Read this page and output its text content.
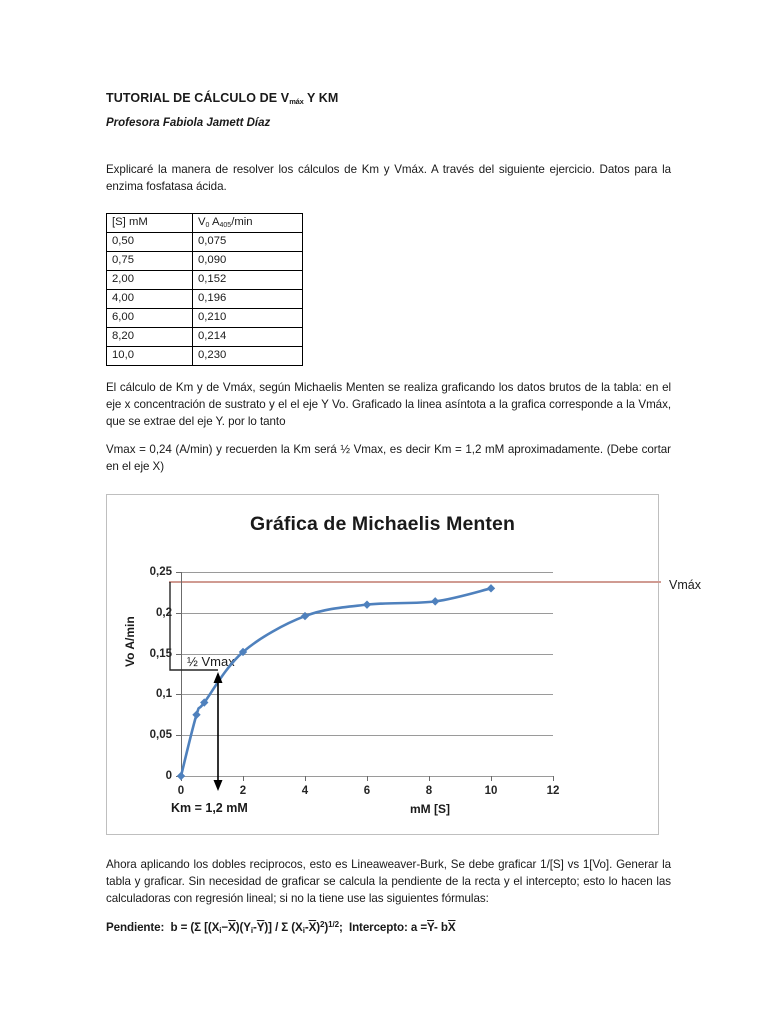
TUTORIAL DE CÁLCULO DE $V_{máx}$ Y KM
Profesora Fabiola Jamett Díaz

Explicaré la manera de resolver los cálculos de Km y Vmáx. A través del siguiente ejercicio. Datos para la enzima fosfatasa ácida.

[S] mM	$V_0$ $A_{405}/\min$
0,50	0,075
0,75	0,090
2,00	0,152
4,00	0,196
6,00	0,210
8,20	0,214
10,0	0,230

El cálculo de Km y de Vmáx, según Michaelis Menten se realiza graficando los datos brutos de la tabla: en el eje x concentración de sustrato y el el eje Y Vo. Graficado la linea asíntota a la grafica corresponde a la Vmáx, que se extrae del eje Y. por lo tanto

Vmax = 0,24 (A/min) y recuerden la Km será ½ Vmax, es decir Km = 1,2 mM aproximadamente. (Debe cortar en el eje X)

Gráfica de Michaelis Menten
Vo A/min
mM [S]
Km = 1,2 mM
½ Vmax
Vmáx
0,25
0,2
0,15
0,1
0,05
0
0	2	4	6	8	10	12

Ahora aplicando los dobles reciprocos, esto es Lineaweaver-Burk, Se debe graficar 1/[S] vs 1[Vo]. Generar la tabla y graficar. Sin necesidad de graficar se calcula la pendiente de la recta y el intercepto; esto lo hacen las calculadoras con regresión lineal; si no la tiene use las siguientes fórmulas:

Pendiente:  b = (Σ $[(X_i-\overline{X})(Y_i-\overline{Y})] / \Sigma$ $(X_i-\overline{X})^2)^{1/2}$;  Intercepto: $a =\overline{Y}-$ $b\overline{X}$
